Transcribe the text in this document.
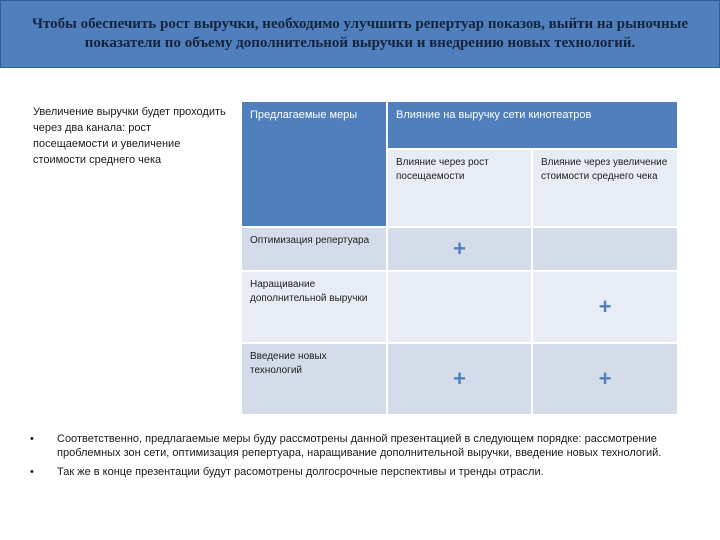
Чтобы обеспечить рост выручки, необходимо улучшить репертуар показов, выйти на рыночные показатели по объему дополнительной выручки и внедрению новых технологий.
Увеличение выручки будет проходить через два канала: рост посещаемости и увеличение стоимости среднего чека
Предлагаемые меры	Влияние на выручку сети кинотеатров	
	Влияние через рост посещаемости	Влияние через увеличение стоимости среднего чека
Оптимизация репертуара	+	
Наращивание дополнительной выручки		+
Введение новых технологий	+	+
•	Соответственно, предлагаемые меры буду рассмотрены данной презентацией в следующем порядке: рассмотрение проблемных зон сети, оптимизация репертуара, наращивание дополнительной выручки, введение новых технологий.
•	Так же в конце презентации будут расомотрены долгосрочные перспективы и тренды отрасли.
